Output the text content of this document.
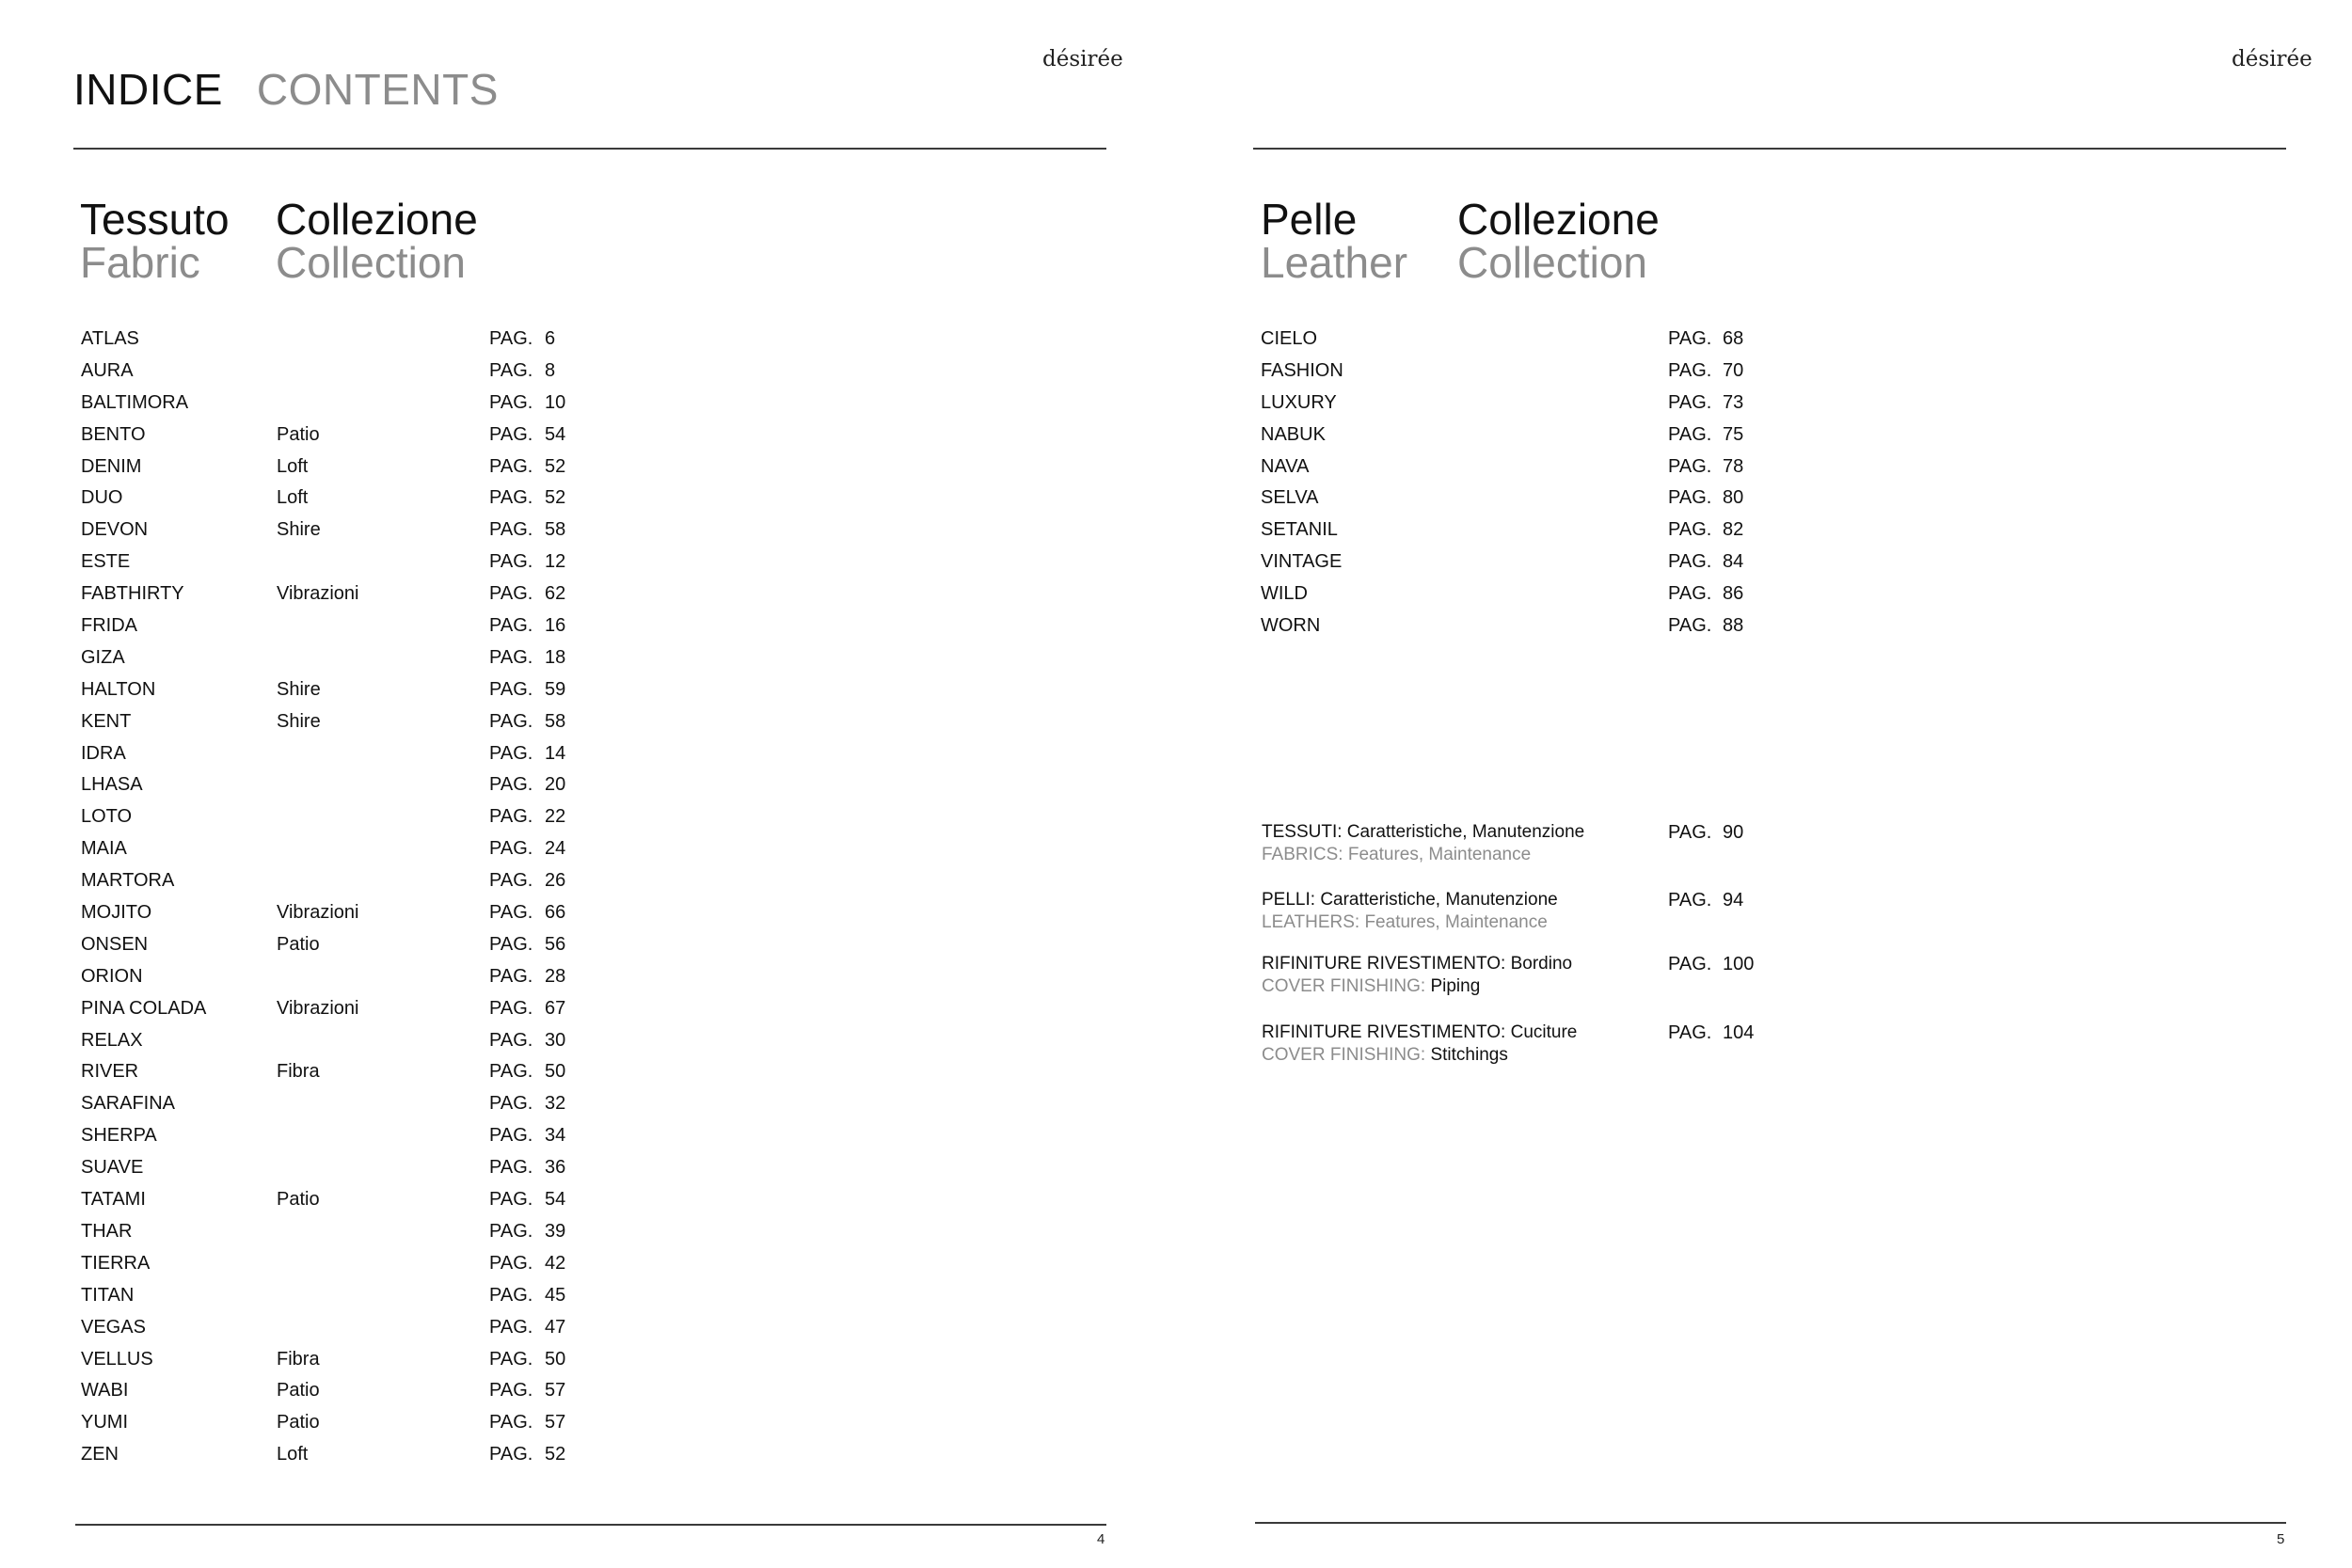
INDICE CONTENTS
désirée
Tessuto
Fabric
Collezione
Collection
ATLAS	PAG. 6
AURA	PAG. 8
BALTIMORA	PAG. 10
BENTO	Patio	PAG. 54
DENIM	Loft	PAG. 52
DUO	Loft	PAG. 52
DEVON	Shire	PAG. 58
ESTE	PAG. 12
FABTHIRTY	Vibrazioni	PAG. 62
FRIDA	PAG. 16
GIZA	PAG. 18
HALTON	Shire	PAG. 59
KENT	Shire	PAG. 58
IDRA	PAG. 14
LHASA	PAG. 20
LOTO	PAG. 22
MAIA	PAG. 24
MARTORA	PAG. 26
MOJITO	Vibrazioni	PAG. 66
ONSEN	Patio	PAG. 56
ORION	PAG. 28
PINA COLADA	Vibrazioni	PAG. 67
RELAX	PAG. 30
RIVER	Fibra	PAG. 50
SARAFINA	PAG. 32
SHERPA	PAG. 34
SUAVE	PAG. 36
TATAMI	Patio	PAG. 54
THAR	PAG. 39
TIERRA	PAG. 42
TITAN	PAG. 45
VEGAS	PAG. 47
VELLUS	Fibra	PAG. 50
WABI	Patio	PAG. 57
YUMI	Patio	PAG. 57
ZEN	Loft	PAG. 52
4
désirée
Pelle
Leather
Collezione
Collection
CIELO	PAG. 68
FASHION	PAG. 70
LUXURY	PAG. 73
NABUK	PAG. 75
NAVA	PAG. 78
SELVA	PAG. 80
SETANIL	PAG. 82
VINTAGE	PAG. 84
WILD	PAG. 86
WORN	PAG. 88
5
TESSUTI: Caratteristiche, Manutenzione
FABRICS: Features, Maintenance
PAG. 90
PELLI: Caratteristiche, Manutenzione
LEATHERS: Features, Maintenance
PAG. 94
RIFINITURE RIVESTIMENTO: Bordino
COVER FINISHING: Piping
PAG. 100
RIFINITURE RIVESTIMENTO: Cuciture
COVER FINISHING: Stitchings
PAG. 104
